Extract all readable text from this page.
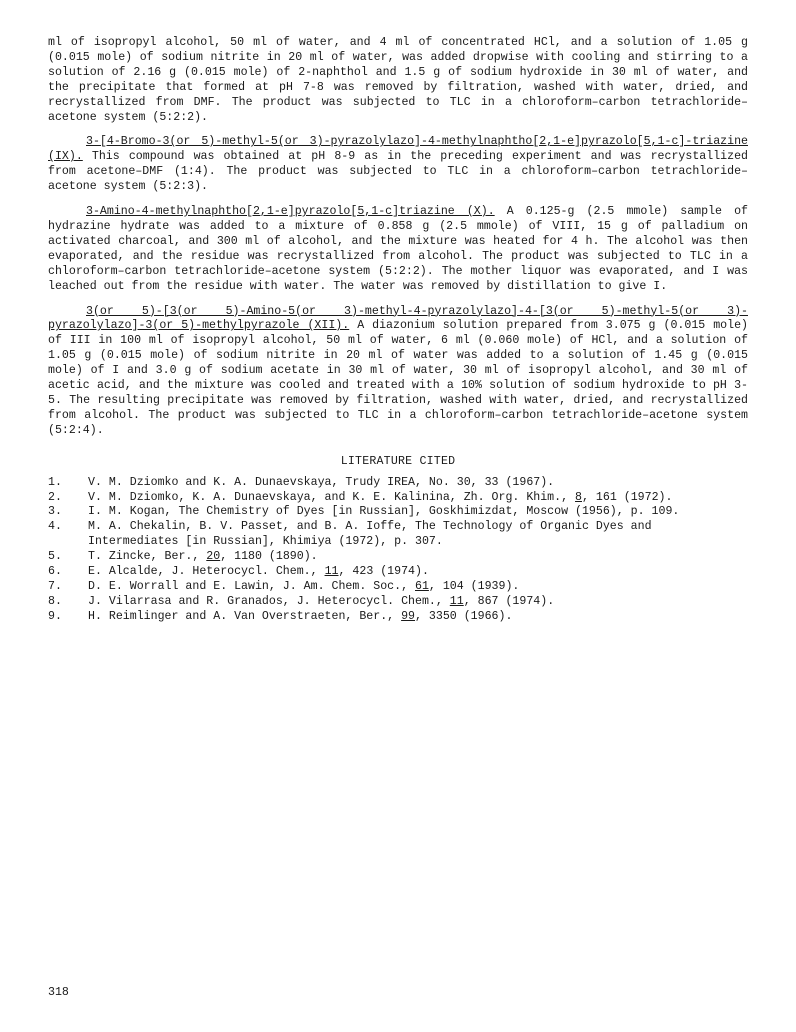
ml of isopropyl alcohol, 50 ml of water, and 4 ml of concentrated HCl, and a solution of 1.05 g (0.015 mole) of sodium nitrite in 20 ml of water, was added dropwise with cooling and stirring to a solution of 2.16 g (0.015 mole) of 2-naphthol and 1.5 g of sodium hydroxide in 30 ml of water, and the precipitate that formed at pH 7-8 was removed by filtration, washed with water, dried, and recrystallized from DMF. The product was subjected to TLC in a chloroform–carbon tetrachloride–acetone system (5:2:2).

3-[4-Bromo-3(or 5)-methyl-5(or 3)-pyrazolylazo]-4-methylnaphtho[2,1-e]pyrazolo[5,1-c]-triazine (IX). This compound was obtained at pH 8-9 as in the preceding experiment and was recrystallized from acetone–DMF (1:4). The product was subjected to TLC in a chloroform–carbon tetrachloride–acetone system (5:2:3).

3-Amino-4-methylnaphtho[2,1-e]pyrazolo[5,1-c]triazine (X). A 0.125-g (2.5 mmole) sample of hydrazine hydrate was added to a mixture of 0.858 g (2.5 mmole) of VIII, 15 g of palladium on activated charcoal, and 300 ml of alcohol, and the mixture was heated for 4 h. The alcohol was then evaporated, and the residue was recrystallized from alcohol. The product was subjected to TLC in a chloroform–carbon tetrachloride–acetone system (5:2:2). The mother liquor was evaporated, and I was leached out from the residue with water. The water was removed by distillation to give I.

3(or 5)-[3(or 5)-Amino-5(or 3)-methyl-4-pyrazolylazo]-4-[3(or 5)-methyl-5(or 3)-pyrazolylazo]-3(or 5)-methylpyrazole (XII). A diazonium solution prepared from 3.075 g (0.015 mole) of III in 100 ml of isopropyl alcohol, 50 ml of water, 6 ml (0.060 mole) of HCl, and a solution of 1.05 g (0.015 mole) of sodium nitrite in 20 ml of water was added to a solution of 1.45 g (0.015 mole) of I and 3.0 g of sodium acetate in 30 ml of water, 30 ml of isopropyl alcohol, and 30 ml of acetic acid, and the mixture was cooled and treated with a 10% solution of sodium hydroxide to pH 3-5. The resulting precipitate was removed by filtration, washed with water, dried, and recrystallized from alcohol. The product was subjected to TLC in a chloroform–carbon tetrachloride–acetone system (5:2:4).

LITERATURE CITED
1. V. M. Dziomko and K. A. Dunaevskaya, Trudy IREA, No. 30, 33 (1967).
2. V. M. Dziomko, K. A. Dunaevskaya, and K. E. Kalinina, Zh. Org. Khim., 8, 161 (1972).
3. I. M. Kogan, The Chemistry of Dyes [in Russian], Goskhimizdat, Moscow (1956), p. 109.
4. M. A. Chekalin, B. V. Passet, and B. A. Ioffe, The Technology of Organic Dyes and Intermediates [in Russian], Khimiya (1972), p. 307.
5. T. Zincke, Ber., 20, 1180 (1890).
6. E. Alcalde, J. Heterocycl. Chem., 11, 423 (1974).
7. D. E. Worrall and E. Lawin, J. Am. Chem. Soc., 61, 104 (1939).
8. J. Vilarrasa and R. Granados, J. Heterocycl. Chem., 11, 867 (1974).
9. H. Reimlinger and A. Van Overstraeten, Ber., 99, 3350 (1966).
318
